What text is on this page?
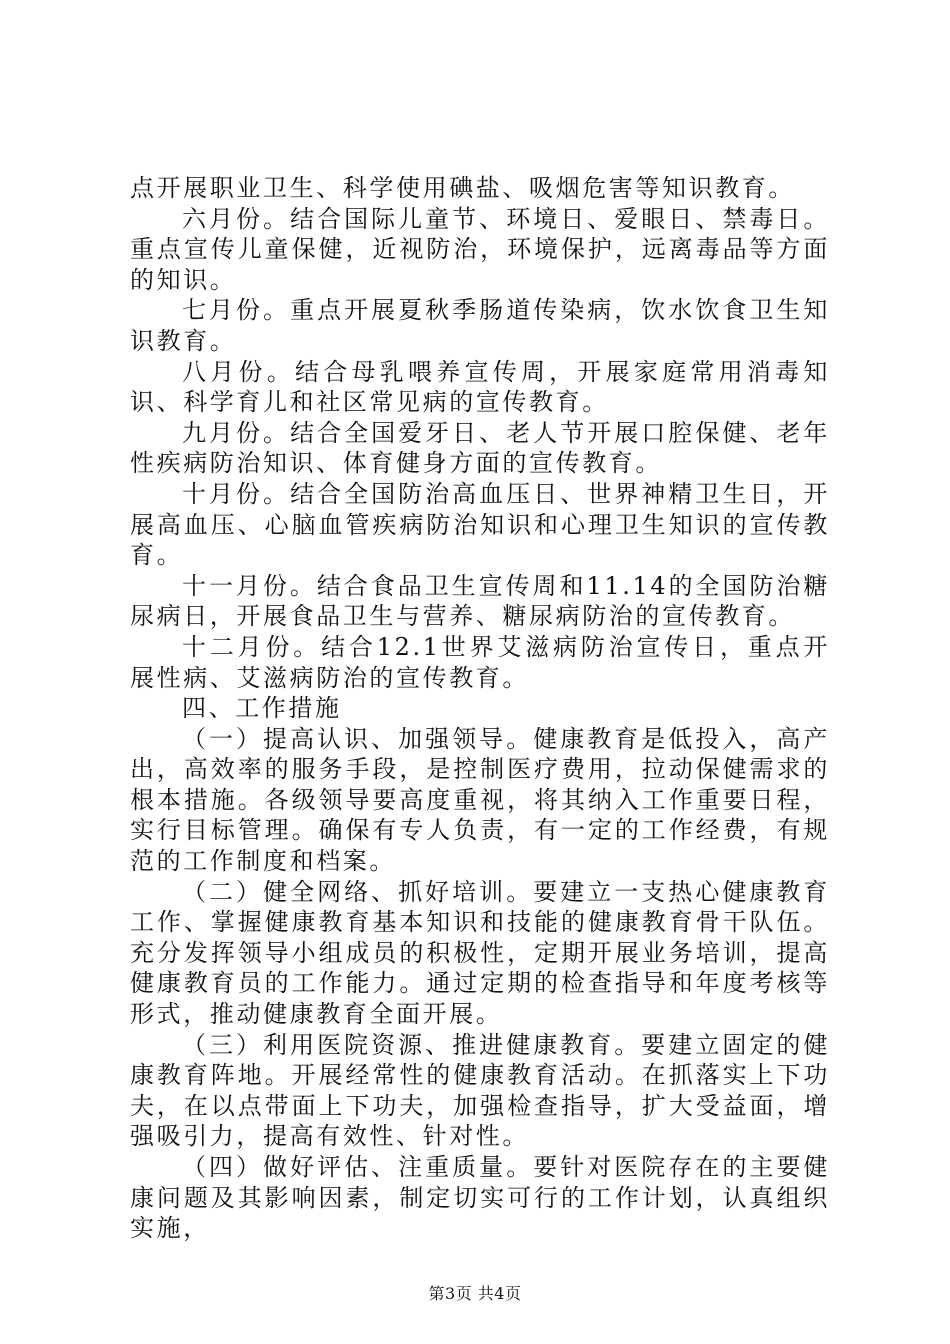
点开展职业卫生、科学使用碘盐、吸烟危害等知识教育。

六月份。结合国际儿童节、环境日、爱眼日、禁毒日。重点宣传儿童保健，近视防治，环境保护，远离毒品等方面的知识。

七月份。重点开展夏秋季肠道传染病，饮水饮食卫生知识教育。

八月份。结合母乳喂养宣传周，开展家庭常用消毒知识、科学育儿和社区常见病的宣传教育。

九月份。结合全国爱牙日、老人节开展口腔保健、老年性疾病防治知识、体育健身方面的宣传教育。

十月份。结合全国防治高血压日、世界神精卫生日，开展高血压、心脑血管疾病防治知识和心理卫生知识的宣传教育。

十一月份。结合食品卫生宣传周和11.14的全国防治糖尿病日，开展食品卫生与营养、糖尿病防治的宣传教育。

十二月份。结合12.1世界艾滋病防治宣传日，重点开展性病、艾滋病防治的宣传教育。

四、工作措施

（一）提高认识、加强领导。健康教育是低投入，高产出，高效率的服务手段，是控制医疗费用，拉动保健需求的根本措施。各级领导要高度重视，将其纳入工作重要日程，实行目标管理。确保有专人负责，有一定的工作经费，有规范的工作制度和档案。

（二）健全网络、抓好培训。要建立一支热心健康教育工作、掌握健康教育基本知识和技能的健康教育骨干队伍。充分发挥领导小组成员的积极性，定期开展业务培训，提高健康教育员的工作能力。通过定期的检查指导和年度考核等形式，推动健康教育全面开展。

（三）利用医院资源、推进健康教育。要建立固定的健康教育阵地。开展经常性的健康教育活动。在抓落实上下功夫，在以点带面上下功夫，加强检查指导，扩大受益面，增强吸引力，提高有效性、针对性。

（四）做好评估、注重质量。要针对医院存在的主要健康问题及其影响因素，制定切实可行的工作计划，认真组织实施，

第3页 共4页
